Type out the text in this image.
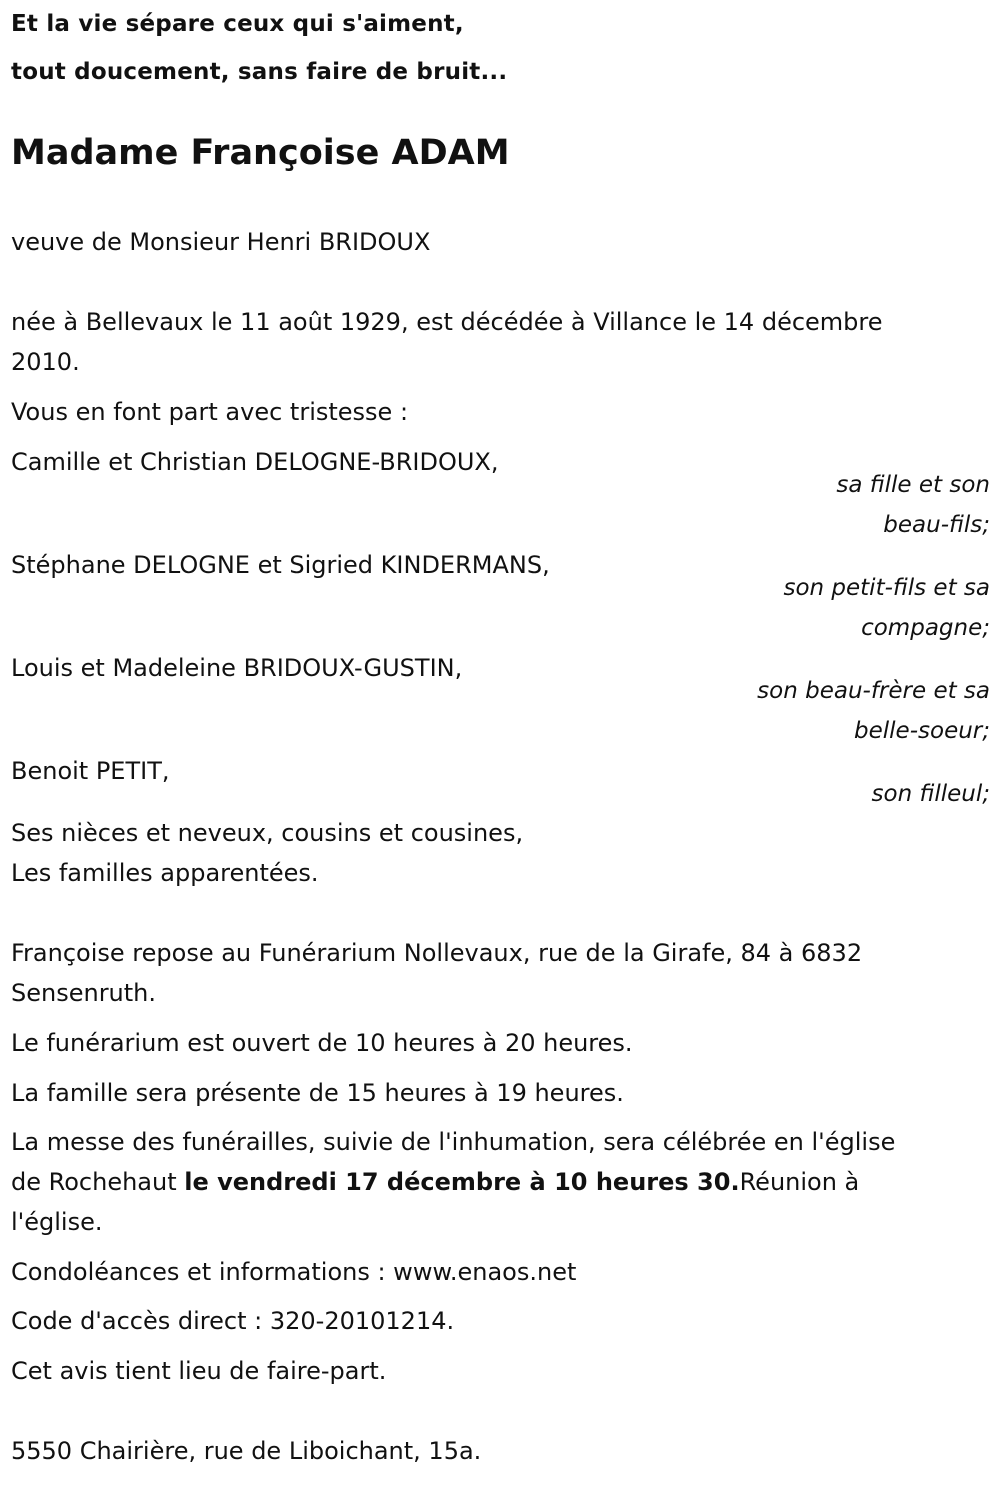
Et la vie sépare ceux qui s'aiment,
tout doucement, sans faire de bruit...
Madame Françoise ADAM
veuve de Monsieur Henri BRIDOUX
née à Bellevaux le 11 août 1929, est décédée à Villance le 14 décembre
2010.
Vous en font part avec tristesse :
Camille et Christian DELOGNE-BRIDOUX,
sa fille et son
beau-fils;
Stéphane DELOGNE et Sigried KINDERMANS,
son petit-fils et sa
compagne;
Louis et Madeleine BRIDOUX-GUSTIN,
son beau-frère et sa
belle-soeur;
Benoit PETIT,
son filleul;
Ses nièces et neveux, cousins et cousines,
Les familles apparentées.
Françoise repose au Funérarium Nollevaux, rue de la Girafe, 84 à 6832
Sensenruth.
Le funérarium est ouvert de 10 heures à 20 heures.
La famille sera présente de 15 heures à 19 heures.
La messe des funérailles, suivie de l'inhumation, sera célébrée en l'église
de Rochehaut le vendredi 17 décembre à 10 heures 30.Réunion à
l'église.
Condoléances et informations : www.enaos.net
Code d'accès direct : 320-20101214.
Cet avis tient lieu de faire-part.
5550 Chairière, rue de Liboichant, 15a.
